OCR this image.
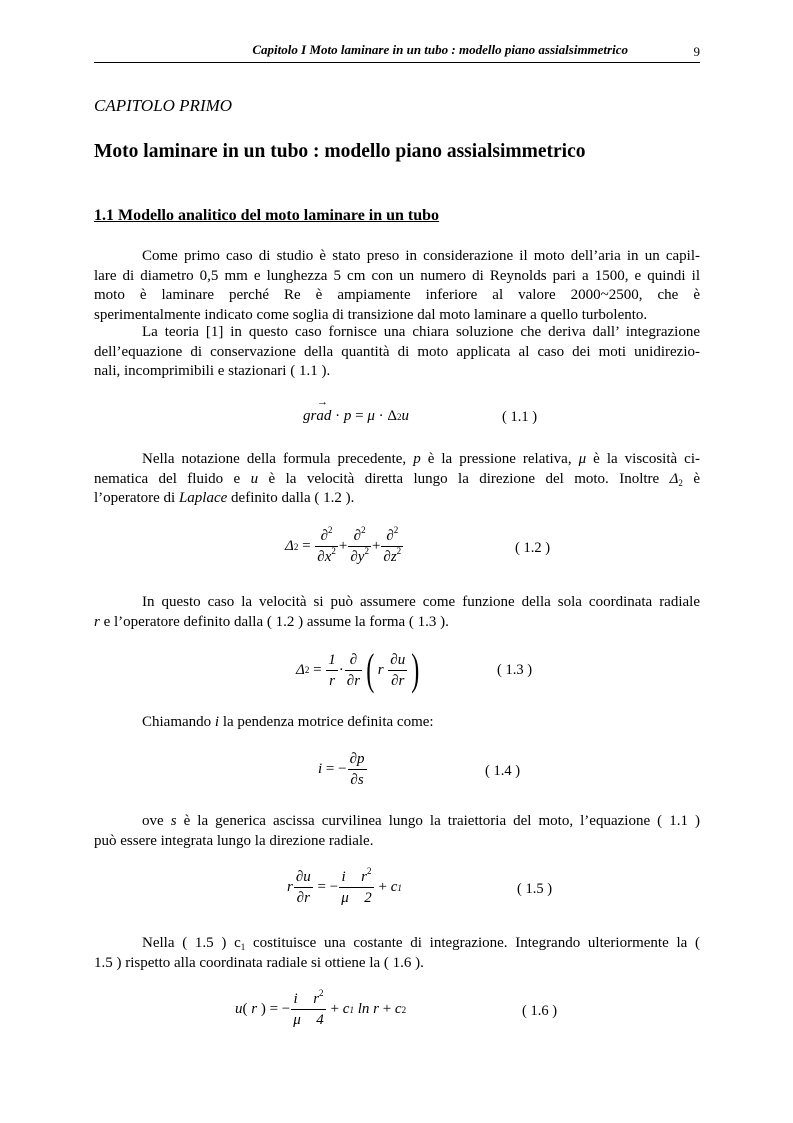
Capitolo I Moto laminare in un tubo : modello piano assialsimmetrico	9
CAPITOLO PRIMO
Moto laminare in un tubo : modello piano assialsimmetrico
1.1 Modello analitico del moto laminare in un tubo
Come primo caso di studio è stato preso in considerazione il moto dell’aria in un capil-
lare di diametro 0,5 mm e lunghezza 5 cm con un numero di Reynolds pari a 1500, e quindi il
moto è laminare perché Re è ampiamente inferiore al valore 2000~2500, che è
sperimentalmente indicato come soglia di transizione dal moto laminare a quello turbolento.
La teoria [1] in questo caso fornisce una chiara soluzione che deriva dall’ integrazione
dell’equazione di conservazione della quantità di moto applicata al caso dei moti unidirezio-
nali, incomprimibili e stazionari ( 1.1 ).
→
grad · p = μ · Δ 2 u	( 1.1 )
Nella notazione della formula precedente, p è la pressione relativa, μ è la viscosità ci-
nematica del fluido e u è la velocità diretta lungo la direzione del moto. Inoltre $\Delta_2$ è
l’operatore di Laplace definito dalla ( 1.2 ).
Δ $2 = \frac{\partial^2}{\partial x^2} + \frac{\partial^2}{\partial y^2} + \frac{\partial^2}{\partial z^2}$	( 1.2 )
In questo caso la velocità si può assumere come funzione della sola coordinata radiale
r e l’operatore definito dalla ( 1.2 ) assume la forma ( 1.3 ).
Δ $2 = \frac{1}{r} \cdot \frac{\partial}{\partial r}$ ( r
$\frac{\partial u}{\partial r}$ )	( 1.3 )
Chiamando i la pendenza motrice definita come:
i = − $\frac{\partial p}{\partial s}$	( 1.4 )
ove s è la generica ascissa curvilinea lungo la traiettoria del moto, l’equazione ( 1.1 )
può essere integrata lungo la direzione radiale.
r $\frac{\partial u}{\partial r}$ = − $\frac{i r^2}{\mu 2} + c$ 1	( 1.5 )
Nella ( 1.5 ) $c_1$ costituisce una costante di integrazione. Integrando ulteriormente la (
1.5 ) rispetto alla coordinata radiale si ottiene la ( 1.6 ).
u ( r ) = − $\frac{i r^2}{\mu 4} + c$ 1
ln
r + c 2	( 1.6 )
